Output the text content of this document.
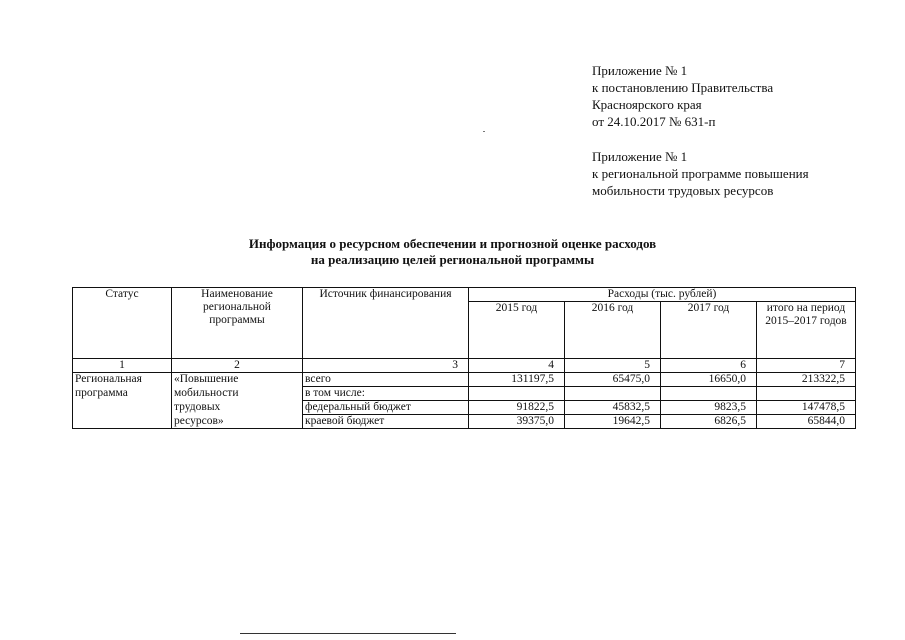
Приложение № 1
к постановлению Правительства
Красноярского края
от 24.10.2017 № 631-п
Приложение № 1
к региональной программе повышения
мобильности трудовых ресурсов
Информация о ресурсном обеспечении и прогнозной оценке расходов
на реализацию целей региональной программы
Статус	Наименование региональной программы	Источник финансирования	Расходы (тыс. рублей)			
			2015 год	2016 год	2017 год	итого на период 2015–2017 годов
1	2	3	4	5	6	7
Региональная	«Повышение	всего	131197,5	65475,0	16650,0	213322,5
программа	мобильности	в том числе:				
	трудовых	федеральный бюджет	91822,5	45832,5	9823,5	147478,5
	ресурсов»	краевой бюджет	39375,0	19642,5	6826,5	65844,0
